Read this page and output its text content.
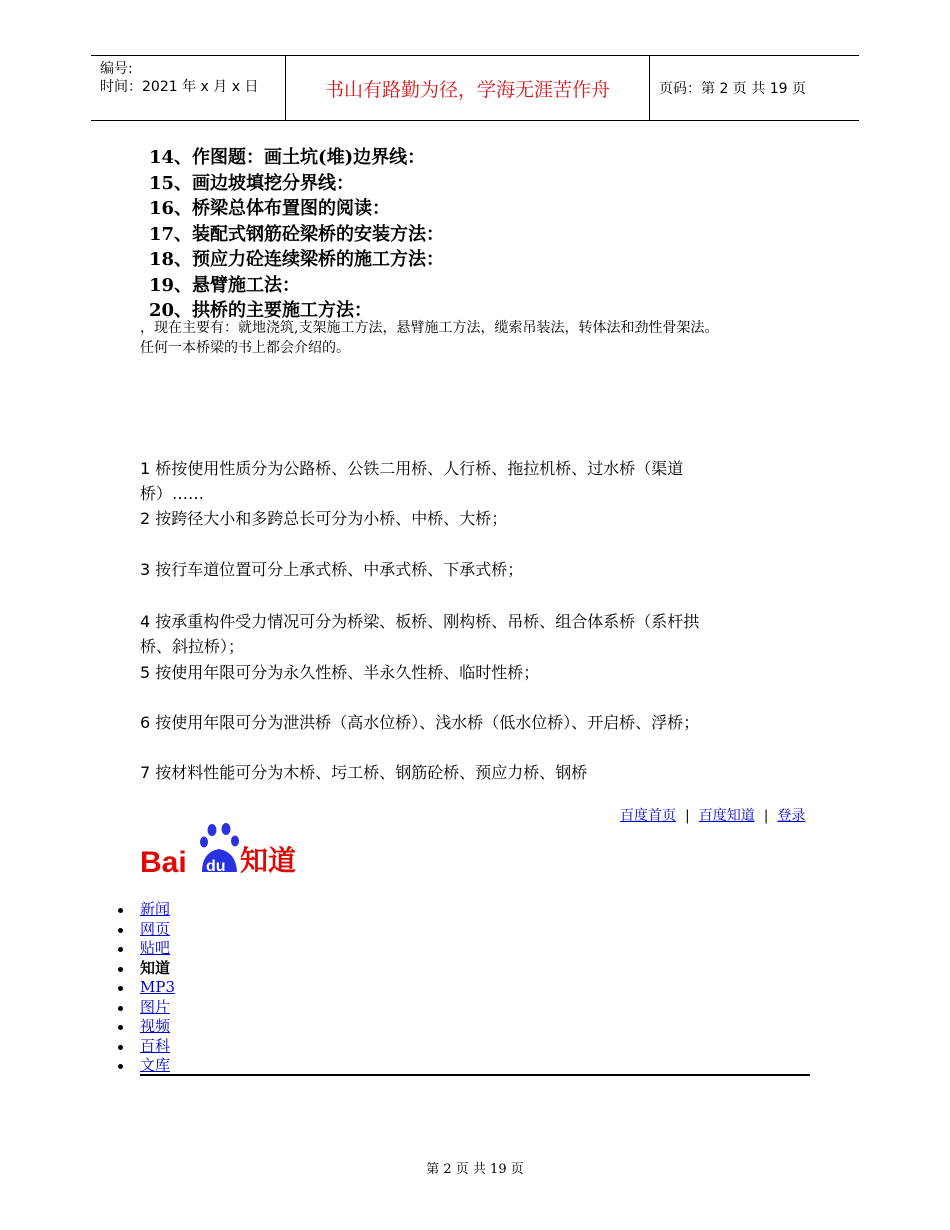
编号:
时间：2021 年 x 月 x 日	书山有路勤为径，学海无涯苦作舟	页码：第 2 页 共 19 页
14、作图题：画土坑(堆)边界线：
15、画边坡填挖分界线：
16、桥梁总体布置图的阅读：
17、装配式钢筋砼梁桥的安装方法：
18、预应力砼连续梁桥的施工方法：
19、悬臂施工法：
20、拱桥的主要施工方法：
，现在主要有：就地浇筑,支架施工方法，悬臂施工方法，缆索吊装法，转体法和劲性骨架法。
任何一本桥梁的书上都会介绍的。
1 桥按使用性质分为公路桥、公铁二用桥、人行桥、拖拉机桥、过水桥（渠道
桥）……
2 按跨径大小和多跨总长可分为小桥、中桥、大桥；
3 按行车道位置可分上承式桥、中承式桥、下承式桥；
4 按承重构件受力情况可分为桥梁、板桥、刚构桥、吊桥、组合体系桥（系杆拱
桥、斜拉桥）；
5 按使用年限可分为永久性桥、半永久性桥、临时性桥；
6 按使用年限可分为泄洪桥（高水位桥）、浅水桥（低水位桥）、开启桥、浮桥；
7 按材料性能可分为木桥、圬工桥、钢筋砼桥、预应力桥、钢桥
百度首页 | 百度知道 | 登录
Bai du 知道
新闻
网页
贴吧
知道
MP3
图片
视频
百科
文库
第 2 页 共 19 页
